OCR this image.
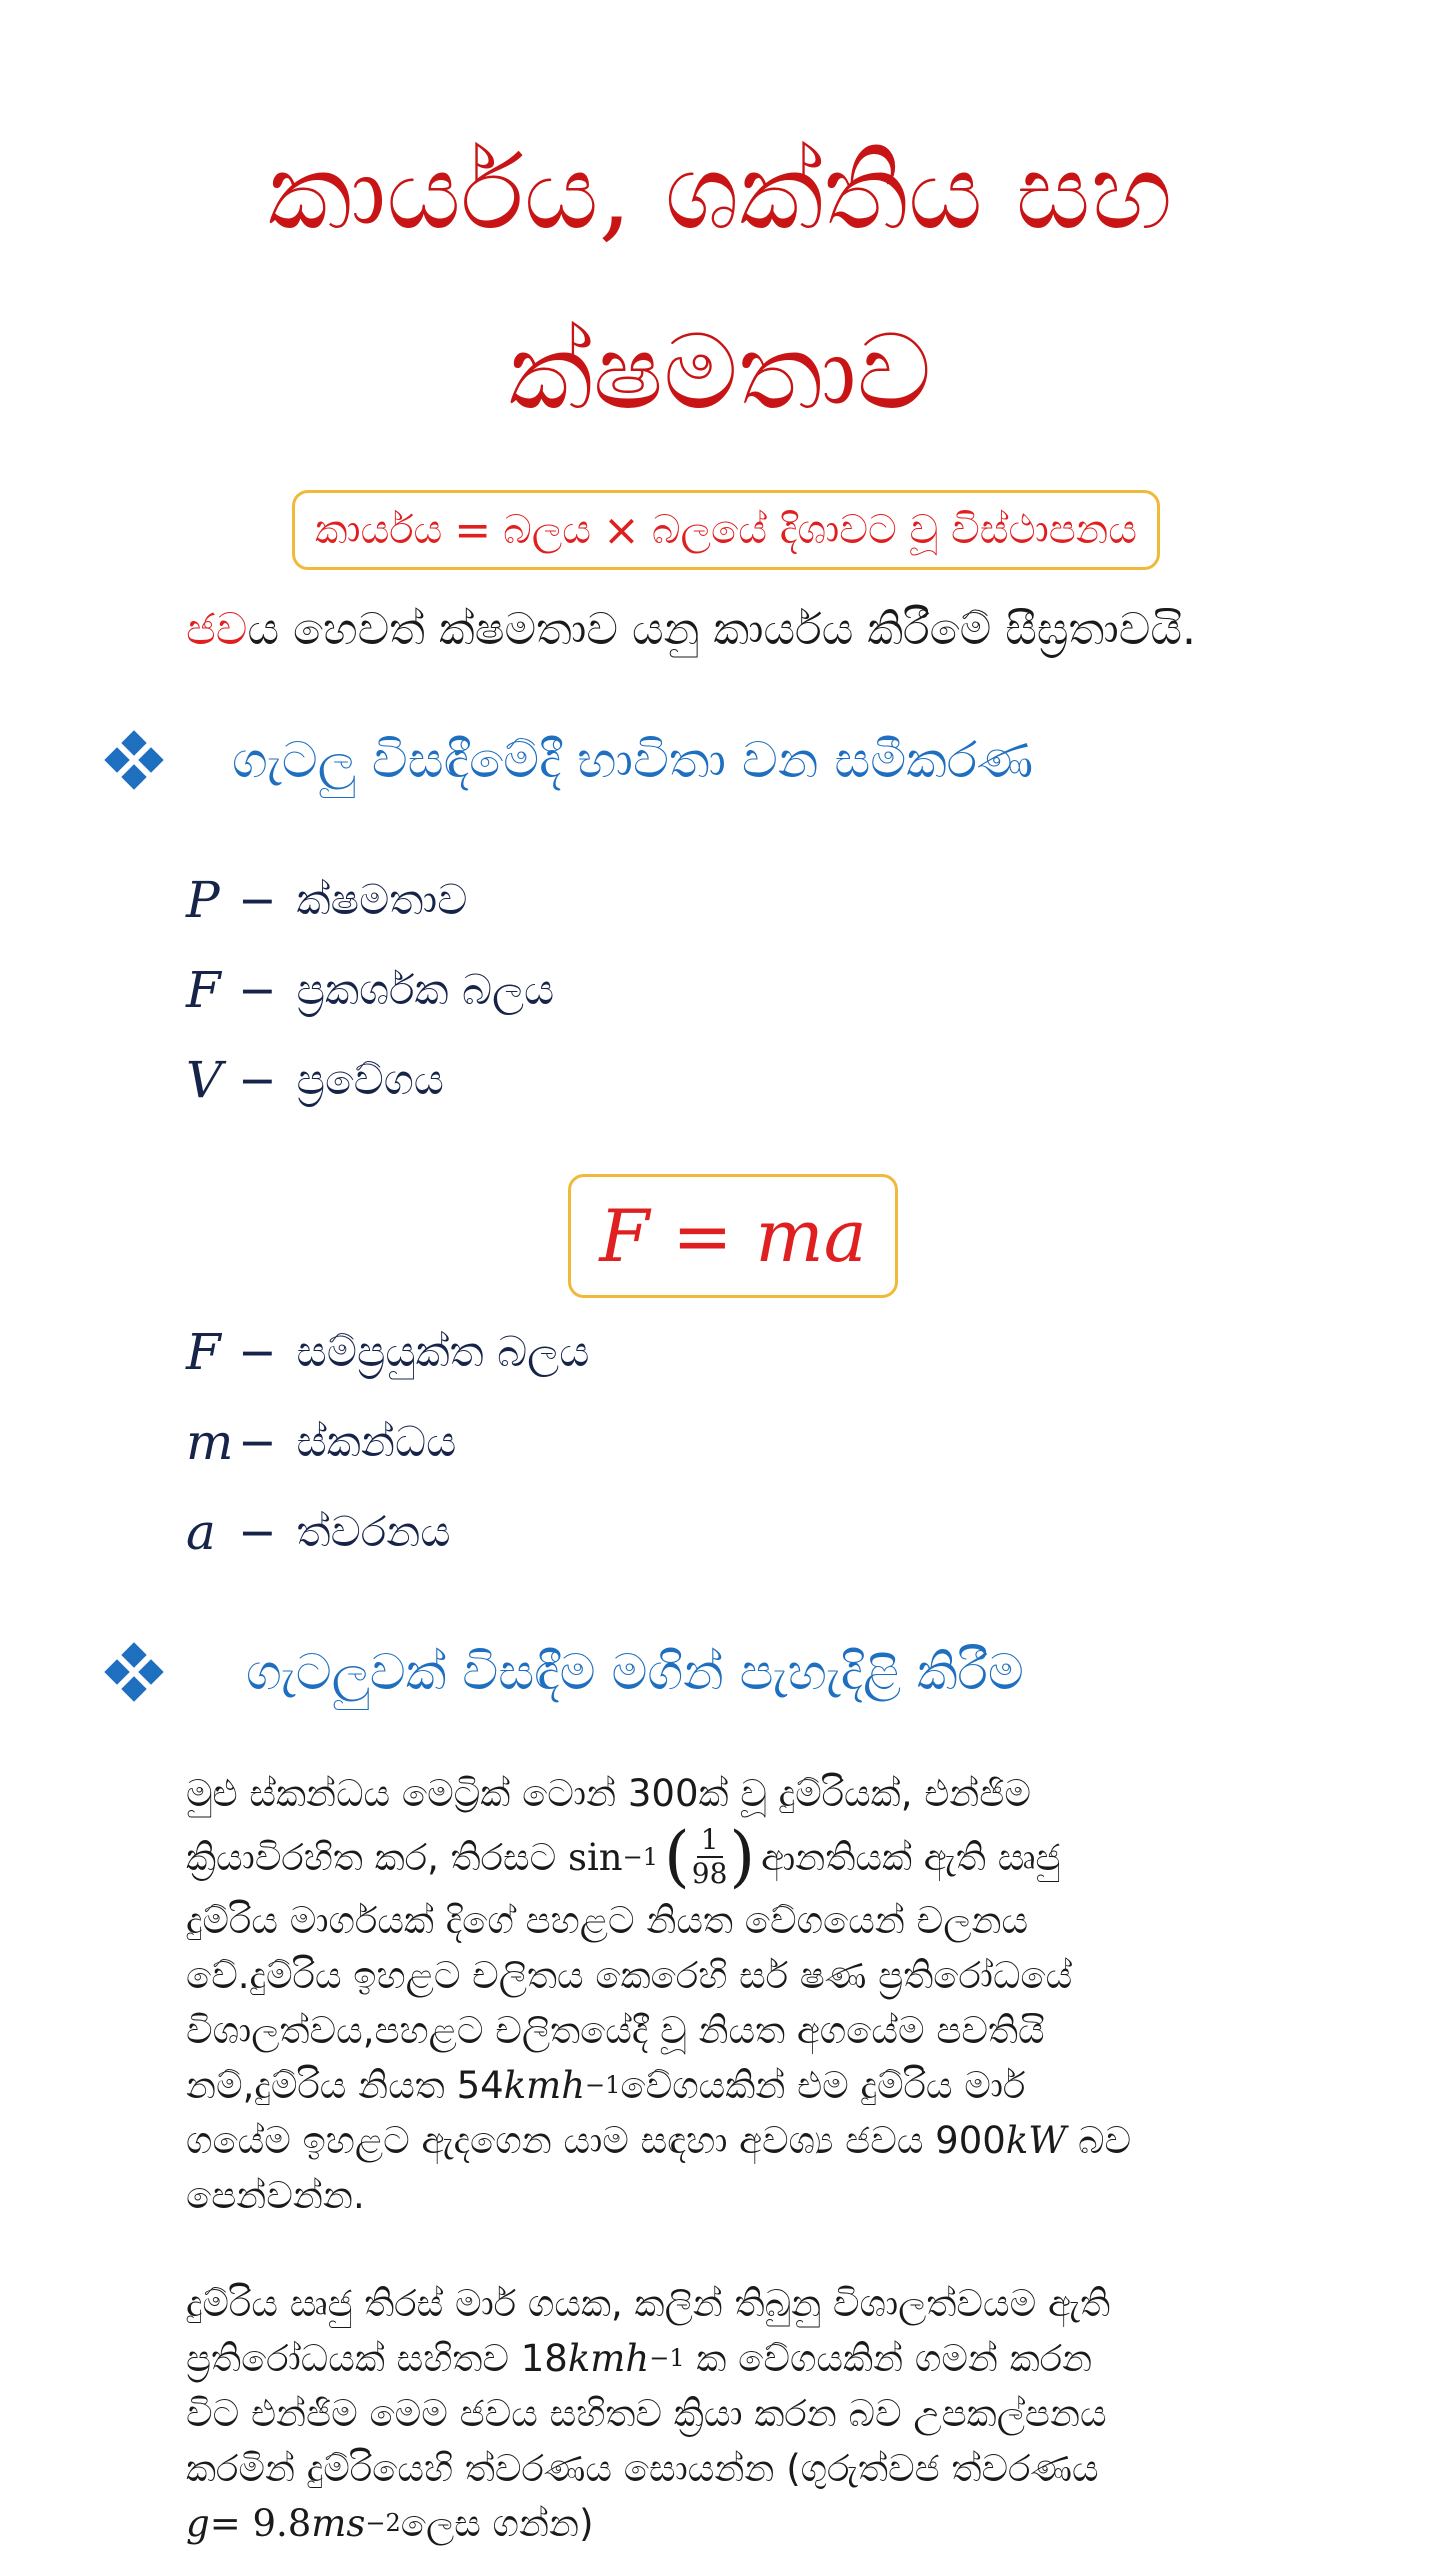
කාර්යය, ශක්තිය සහ
ක්ෂමතාව
කාර්යය = බලය × බලයේ දිශාවට වූ විස්ථාපනය
ජවය හෙවත් ක්ෂමතාව යනු කාර්යය කිරීමේ සීඝ්‍රතාවයි.
ගැටලු විසඳීමේදී භාවිතා වන සමීකරණ
P − ක්ෂමතාව
F − ප්‍රකර්ශක බලය
V − ප්‍රවේගය
F = ma
F − සම්ප්‍රයුක්ත බලය
m − ස්කන්ධය
a − ත්වරනය
ගැටලුවක් විසඳීම මගින් පැහැදිළි කිරීම
මුළු ස්කන්ධය මෙට්‍රික් ටොන් 300ක් වූ දුම්රියක්, එන්ජිම
ක්‍රියාවිරහිත කර, තිරසට
sin −1 ( $\frac{1}{98}$ ) ආනතියක් ඇති ඍජු
දුම්රිය මාර්ගයක් දිගේ පහළට නියත වේගයෙන් චලනය
වේ.දුම්රිය ඉහළට චලිතය කෙරෙහි සර් ෂණ ප්‍රතිරෝධයේ
විශාලත්වය,පහළට චලිතයේදී වූ නියත අගයේම පවතියි
නම්,දුම්රිය නියත 54 kmh −1 වේගයකින් එම දුම්රිය මාර්
ගයේම ඉහළට ඇදගෙන යාම සඳහා අවශ්‍ය ජවය 900 kW
බව
පෙන්වන්න.
දුම්රිය ඍජු තිරස් මාර් ගයක, කලින් තිබුනු විශාලත්වයම ඇති
ප්‍රතිරෝධයක් සහිතව 18 kmh −1
ක වේගයකින් ගමන් කරන
විට එන්ජිම මෙම ජවය සහිතව ක්‍රියා කරන බව උපකල්පනය
කරමින් දුම්රියෙහි ත්වරණය සොයන්න (ගුරුත්වජ ත්වරණය
g = 9.8 ms −2 ලෙස ගන්න)
